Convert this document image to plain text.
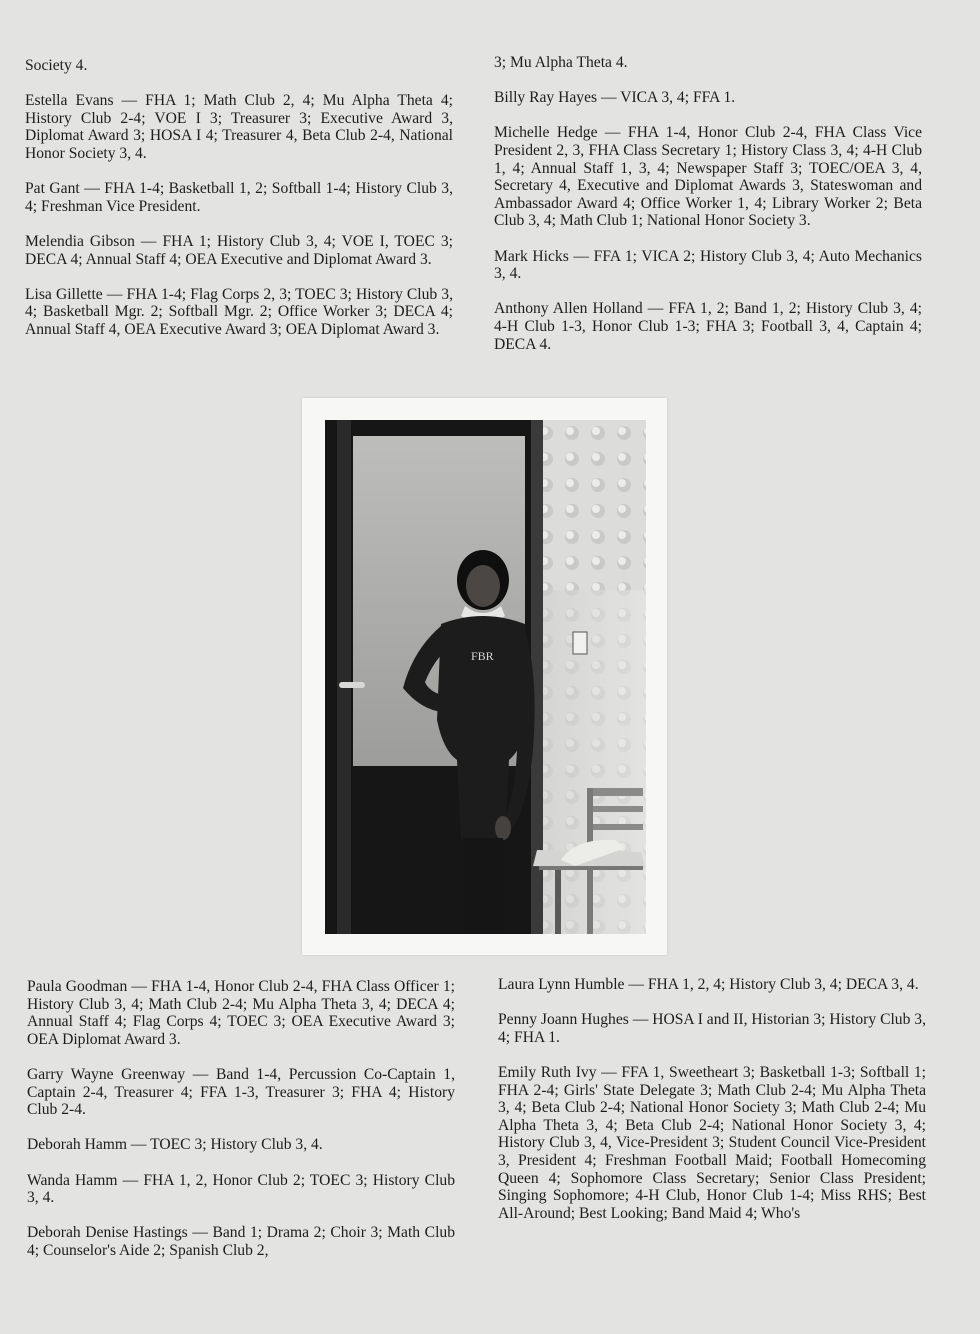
Society 4.

Estella Evans — FHA 1; Math Club 2, 4; Mu Alpha Theta 4; History Club 2-4; VOE I 3; Treasurer 3; Executive Award 3, Diplomat Award 3; HOSA I 4; Treasurer 4, Beta Club 2-4, National Honor Society 3, 4.

Pat Gant — FHA 1-4; Basketball 1, 2; Softball 1-4; History Club 3, 4; Freshman Vice President.

Melendia Gibson — FHA 1; History Club 3, 4; VOE I, TOEC 3; DECA 4; Annual Staff 4; OEA Executive and Diplomat Award 3.

Lisa Gillette — FHA 1-4; Flag Corps 2, 3; TOEC 3; History Club 3, 4; Basketball Mgr. 2; Softball Mgr. 2; Office Worker 3; DECA 4; Annual Staff 4, OEA Executive Award 3; OEA Diplomat Award 3.

3; Mu Alpha Theta 4.

Billy Ray Hayes — VICA 3, 4; FFA 1.

Michelle Hedge — FHA 1-4, Honor Club 2-4, FHA Class Vice President 2, 3, FHA Class Secretary 1; History Class 3, 4; 4-H Club 1, 4; Annual Staff 1, 3, 4; Newspaper Staff 3; TOEC/OEA 3, 4, Secretary 4, Executive and Diplomat Awards 3, Stateswoman and Ambassador Award 4; Office Worker 1, 4; Library Worker 2; Beta Club 3, 4; Math Club 1; National Honor Society 3.

Mark Hicks — FFA 1; VICA 2; History Club 3, 4; Auto Mechanics 3, 4.

Anthony Allen Holland — FFA 1, 2; Band 1, 2; History Club 3, 4; 4-H Club 1-3, Honor Club 1-3; FHA 3; Football 3, 4, Captain 4; DECA 4.

FBR

Paula Goodman — FHA 1-4, Honor Club 2-4, FHA Class Officer 1; History Club 3, 4; Math Club 2-4; Mu Alpha Theta 3, 4; DECA 4; Annual Staff 4; Flag Corps 4; TOEC 3; OEA Executive Award 3; OEA Diplomat Award 3.

Garry Wayne Greenway — Band 1-4, Percussion Co-Captain 1, Captain 2-4, Treasurer 4; FFA 1-3, Treasurer 3; FHA 4; History Club 2-4.

Deborah Hamm — TOEC 3; History Club 3, 4.

Wanda Hamm — FHA 1, 2, Honor Club 2; TOEC 3; History Club 3, 4.

Deborah Denise Hastings — Band 1; Drama 2; Choir 3; Math Club 4; Counselor's Aide 2; Spanish Club 2,

Laura Lynn Humble — FHA 1, 2, 4; History Club 3, 4; DECA 3, 4.

Penny Joann Hughes — HOSA I and II, Historian 3; History Club 3, 4; FHA 1.

Emily Ruth Ivy — FFA 1, Sweetheart 3; Basketball 1-3; Softball 1; FHA 2-4; Girls' State Delegate 3; Math Club 2-4; Mu Alpha Theta 3, 4; Beta Club 2-4; National Honor Society 3; Math Club 2-4; Mu Alpha Theta 3, 4; Beta Club 2-4; National Honor Society 3, 4; History Club 3, 4, Vice-President 3; Student Council Vice-President 3, President 4; Freshman Football Maid; Football Homecoming Queen 4; Sophomore Class Secretary; Senior Class President; Singing Sophomore; 4-H Club, Honor Club 1-4; Miss RHS; Best All-Around; Best Looking; Band Maid 4; Who's
